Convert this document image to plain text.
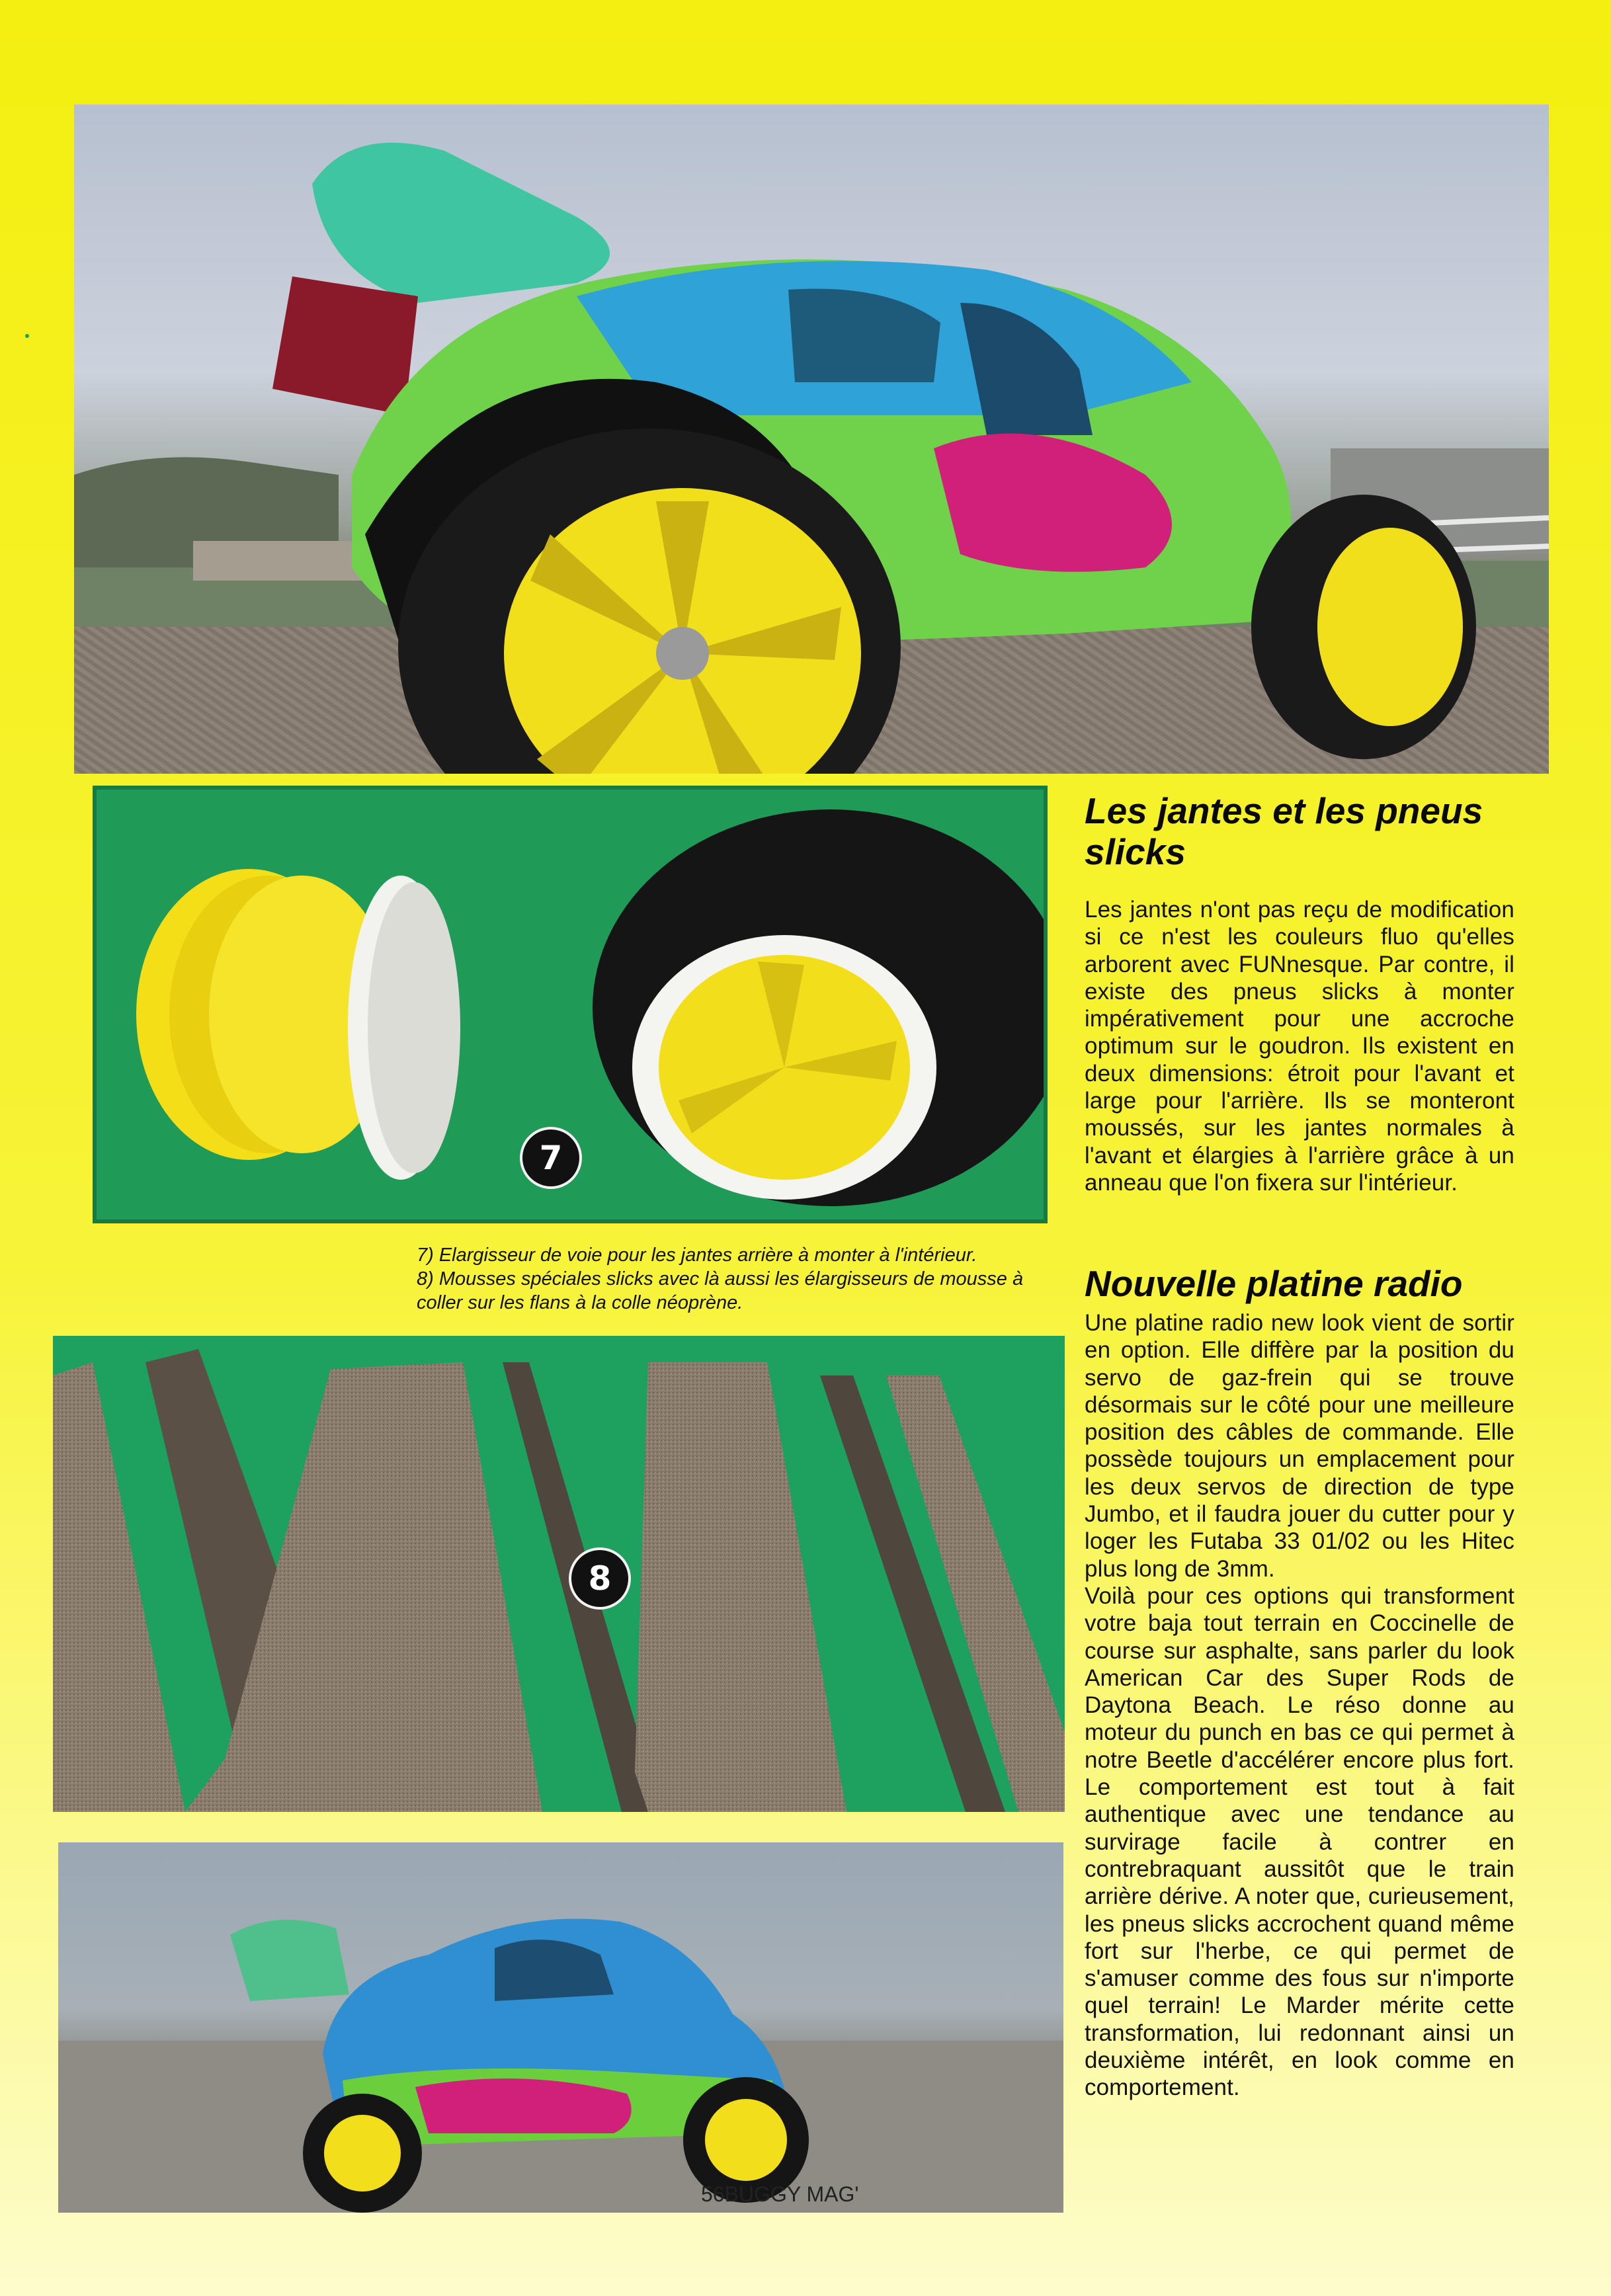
7

7) Elargisseur de voie pour les jantes arrière à monter à l'intérieur.
8) Mousses spéciales slicks avec là aussi les élargisseurs de mousse à coller sur les flans à la colle néoprène.

8
Les jantes et les pneus slicks

Les jantes n'ont pas reçu de modification si ce n'est les couleurs fluo qu'elles arborent avec FUNnesque. Par contre, il existe des pneus slicks à monter impérativement pour une accroche optimum sur le goudron. Ils existent en deux dimensions: étroit pour l'avant et large pour l'arrière. Ils se monteront moussés, sur les jantes normales à l'avant et élargies à l'arrière grâce à un anneau que l'on fixera sur l'intérieur.

Nouvelle platine radio

Une platine radio new look vient de sortir en option. Elle diffère par la position du servo de gaz-frein qui se trouve désormais sur le côté pour une meilleure position des câbles de commande. Elle possède toujours un emplacement pour les deux servos de direction de type Jumbo, et il faudra jouer du cutter pour y loger les Futaba 33 01/02 ou les Hitec plus long de 3mm.

Voilà pour ces options qui transforment votre baja tout terrain en Coccinelle de course sur asphalte, sans parler du look American Car des Super Rods de Daytona Beach. Le réso donne au moteur du punch en bas ce qui permet à notre Beetle d'accélérer encore plus fort. Le comportement est tout à fait authentique avec une tendance au survirage facile à contrer en contrebraquant aussitôt que le train arrière dérive. A noter que, curieusement, les pneus slicks accrochent quand même fort sur l'herbe, ce qui permet de s'amuser comme des fous sur n'importe quel terrain! Le Marder mérite cette transformation, lui redonnant ainsi un deuxième intérêt, en look comme en comportement.

56BUGGY MAG'
